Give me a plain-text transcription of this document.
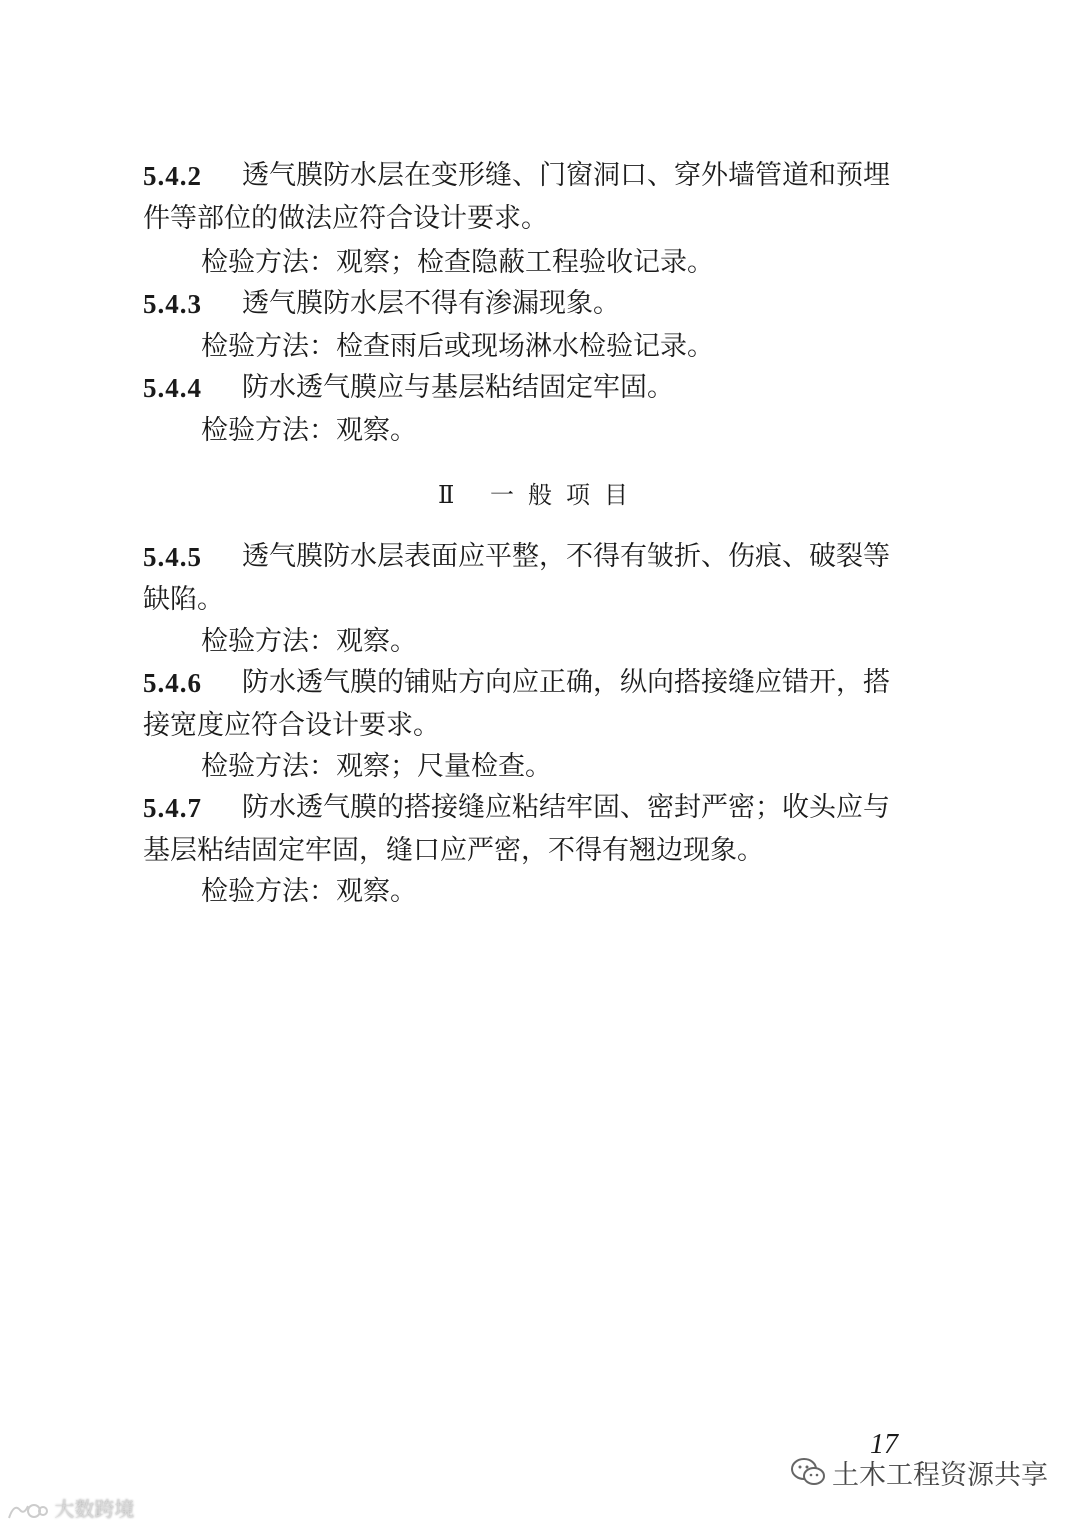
5.4.2 透气膜防水层在变形缝、门窗洞口、穿外墙管道和预埋
件等部位的做法应符合设计要求。
检验方法：观察；检查隐蔽工程验收记录。
5.4.3 透气膜防水层不得有渗漏现象。
检验方法：检查雨后或现场淋水检验记录。
5.4.4 防水透气膜应与基层粘结固定牢固。
检验方法：观察。
Ⅱ 一般项目
5.4.5 透气膜防水层表面应平整，不得有皱折、伤痕、破裂等
缺陷。
检验方法：观察。
5.4.6 防水透气膜的铺贴方向应正确，纵向搭接缝应错开，搭
接宽度应符合设计要求。
检验方法：观察；尺量检查。
5.4.7 防水透气膜的搭接缝应粘结牢固、密封严密；收头应与
基层粘结固定牢固，缝口应严密，不得有翘边现象。
检验方法：观察。
17
土木工程资源共享
大数跨境
